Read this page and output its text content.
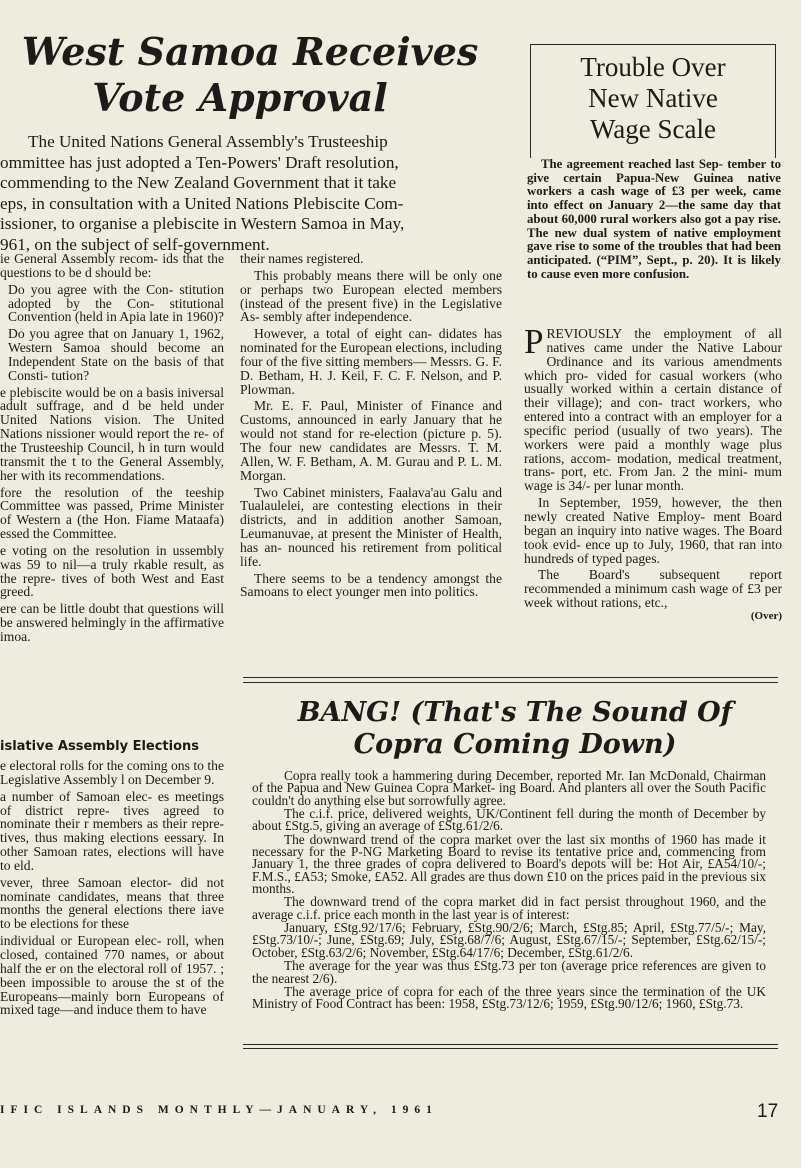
West Samoa Receives
Vote Approval
The United Nations General Assembly's Trusteeship
ommittee has just adopted a Ten-Powers' Draft resolution,
commending to the New Zealand Government that it take
eps, in consultation with a United Nations Plebiscite Com-
issioner, to organise a plebiscite in Western Samoa in May,
961, on the subject of self-government.

ie General Assembly recom- ids that the questions to be d should be:

Do you agree with the Con- stitution adopted by the Con- stitutional Convention (held in Apia late in 1960)?

Do you agree that on January 1, 1962, Western Samoa should become an Independent State on the basis of that Consti- tution?

e plebiscite would be on a basis iniversal adult suffrage, and d be held under United Nations vision. The United Nations nissioner would report the re- of the Trusteeship Council, h in turn would transmit the t to the General Assembly, her with its recommendations.

fore the resolution of the teeship Committee was passed, Prime Minister of Western a (the Hon. Fiame Mataafa) essed the Committee.

e voting on the resolution in ussembly was 59 to nil—a truly rkable result, as the repre- tives of both West and East greed.

ere can be little doubt that questions will be answered helmingly in the affirmative imoa.

islative Assembly Elections

e electoral rolls for the coming ons to the Legislative Assembly l on December 9.

a number of Samoan elec- es meetings of district repre- tives agreed to nominate their r members as their repre- tives, thus making elections eessary. In other Samoan rates, elections will have to eld.

vever, three Samoan elector- did not nominate candidates, means that three months the general elections there iave to be elections for these

individual or European elec- roll, when closed, contained 770 names, or about half the er on the electoral roll of 1957. ; been impossible to arouse the st of the Europeans—mainly born Europeans of mixed tage—and induce them to have

their names registered.

This probably means there will be only one or perhaps two European elected members (instead of the present five) in the Legislative As- sembly after independence.

However, a total of eight can- didates has nominated for the European elections, including four of the five sitting members— Messrs. G. F. D. Betham, H. J. Keil, F. C. F. Nelson, and P. Plowman.

Mr. E. F. Paul, Minister of Finance and Customs, announced in early January that he would not stand for re-election (picture p. 5). The four new candidates are Messrs. T. M. Allen, W. F. Betham, A. M. Gurau and P. L. M. Morgan.

Two Cabinet ministers, Faalava'au Galu and Tualaulelei, are contesting elections in their districts, and in addition another Samoan, Leumanuvae, at present the Minister of Health, has an- nounced his retirement from political life.

There seems to be a tendency amongst the Samoans to elect younger men into politics.

Trouble Over
New Native
Wage Scale
The agreement reached last Sep- tember to give certain Papua-New Guinea native workers a cash wage of £3 per week, came into effect on January 2—the same day that about 60,000 rural workers also got a pay rise. The new dual system of native employment gave rise to some of the troubles that had been anticipated. (“PIM”, Sept., p. 20). It is likely to cause even more confusion.

PREVIOUSLY the employment of all natives came under the Native Labour Ordinance and its various amendments which pro- vided for casual workers (who usually worked within a certain distance of their village); and con- tract workers, who entered into a contract with an employer for a specific period (usually of two years). The workers were paid a monthly wage plus rations, accom- modation, medical treatment, trans- port, etc. From Jan. 2 the mini- mum wage is 34/- per lunar month.

In September, 1959, however, the then newly created Native Employ- ment Board began an inquiry into native wages. The Board took evid- ence up to July, 1960, that ran into hundreds of typed pages.

The Board's subsequent report recommended a minimum cash wage of £3 per week without rations, etc.,

(Over)
BANG! (That's The Sound Of
Copra Coming Down)

Copra really took a hammering during December, reported Mr. Ian McDonald, Chairman of the Papua and New Guinea Copra Market- ing Board. And planters all over the South Pacific couldn't do anything else but sorrowfully agree.

The c.i.f. price, delivered weights, UK/Continent fell during the month of December by about £Stg.5, giving an average of £Stg.61/2/6.

The downward trend of the copra market over the last six months of 1960 has made it necessary for the P-NG Marketing Board to revise its tentative price and, commencing from January 1, the three grades of copra delivered to Board's depots will be: Hot Air, £A54/10/-; F.M.S., £A53; Smoke, £A52. All grades are thus down £10 on the prices paid in the previous six months.

The downward trend of the copra market did in fact persist throughout 1960, and the average c.i.f. price each month in the last year is of interest:

January, £Stg.92/17/6; February, £Stg.90/2/6; March, £Stg.85; April, £Stg.77/5/-; May, £Stg.73/10/-; June, £Stg.69; July, £Stg.68/7/6; August, £Stg.67/15/-; September, £Stg.62/15/-; October, £Stg.63/2/6; November, £Stg.64/17/6; December, £Stg.61/2/6.

The average for the year was thus £Stg.73 per ton (average price references are given to the nearest 2/6).

The average price of copra for each of the three years since the termination of the UK Ministry of Food Contract has been: 1958, £Stg.73/12/6; 1959, £Stg.90/12/6; 1960, £Stg.73.

IFIC ISLANDS MONTHLY—JANUARY, 1961	17
